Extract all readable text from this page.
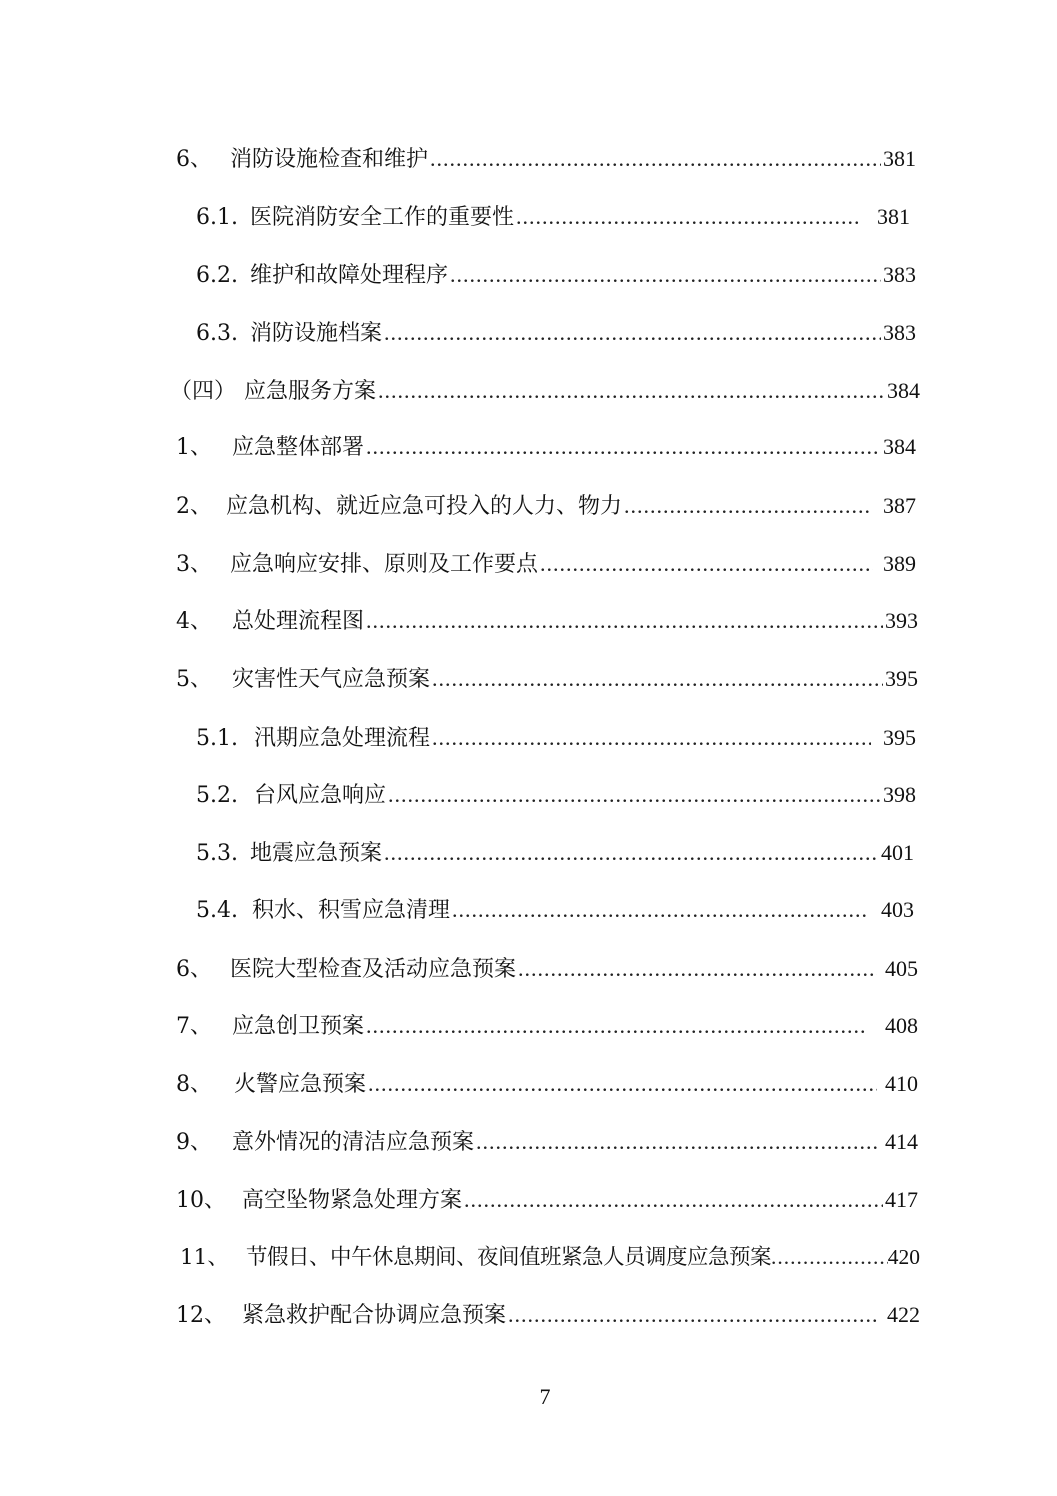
6、 消防设施检查和维护 .....	381
6.1. 医院消防安全工作的重要性 .....	381
6.2. 维护和故障处理程序 .....	383
6.3. 消防设施档案 .....	383
（四） 应急服务方案 .....	384
1、 应急整体部署 .....	384
2、 应急机构、就近应急可投入的人力、物力 .....	387
3、 应急响应安排、原则及工作要点 .....	389
4、 总处理流程图 .....	393
5、 灾害性天气应急预案 .....	395
5.1. 汛期应急处理流程 .....	395
5.2. 台风应急响应 .....	398
5.3. 地震应急预案 .....	401
5.4. 积水、积雪应急清理 .....	403
6、 医院大型检查及活动应急预案 .....	405
7、 应急创卫预案 .....	408
8、	火警应急预案 .....	410
9、 意外情况的清洁应急预案 .....	414
10、 高空坠物紧急处理方案 .....	417
11、 节假日、中午休息期间、夜间值班紧急人员调度应急预案 .....	420
12、 紧急救护配合协调应急预案 .....	422
7
